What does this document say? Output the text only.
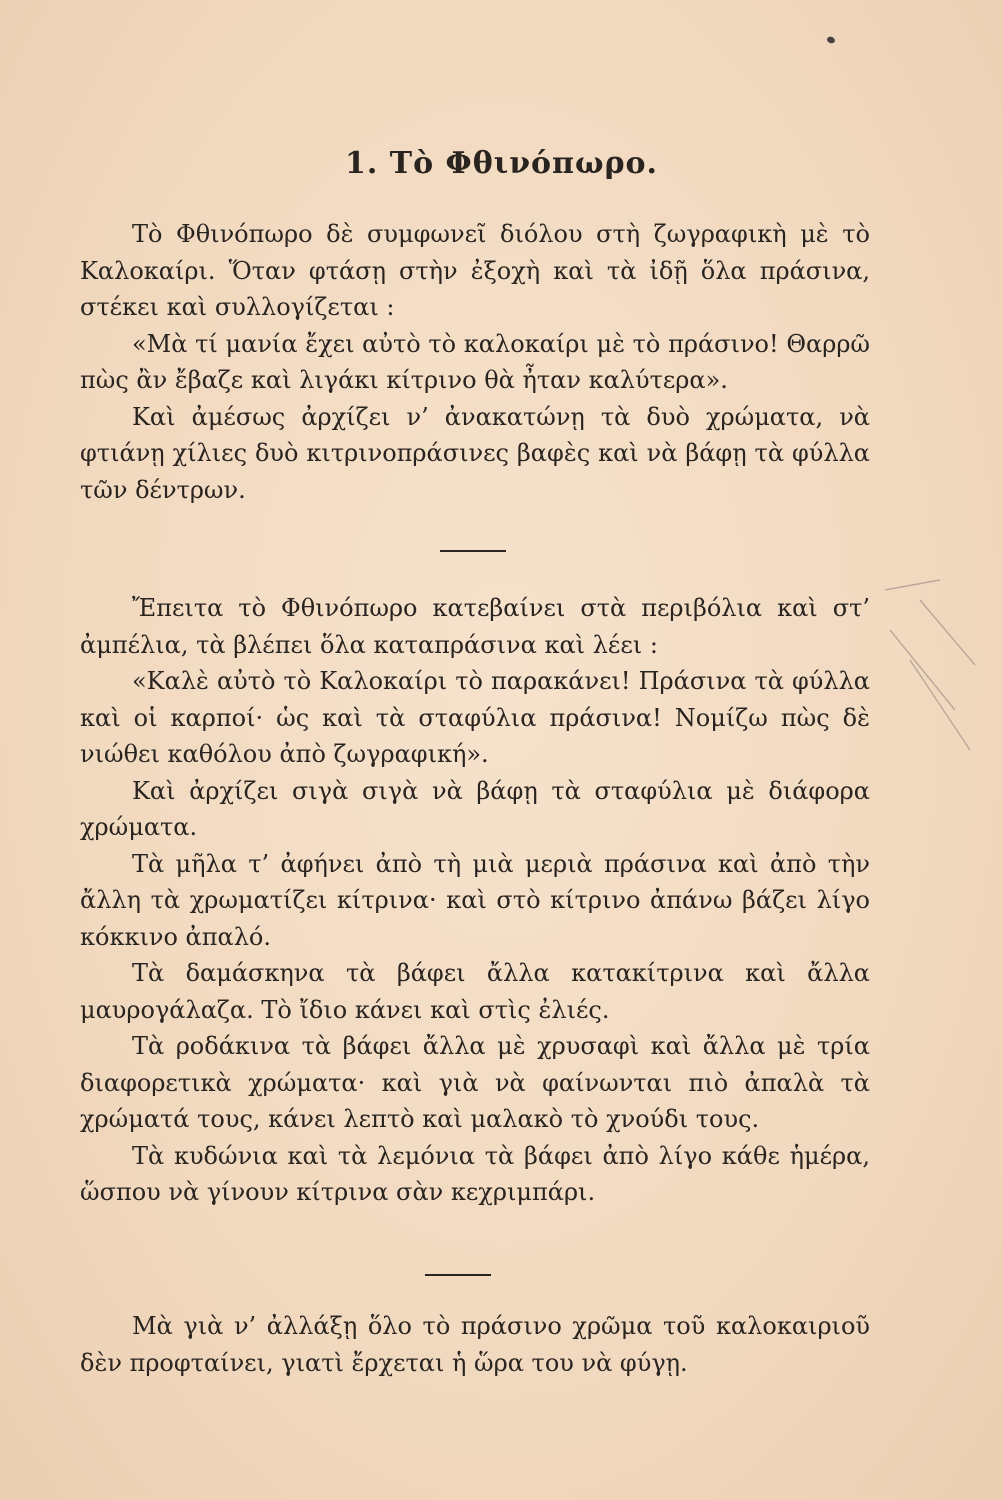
1. Τὸ Φθινόπωρο.

Τὸ Φθινόπωρο δὲ συμφωνεῖ διόλου στὴ ζωγραφικὴ μὲ τὸ Καλοκαίρι. Ὅταν φτάσῃ στὴν ἐξοχὴ καὶ τὰ ἰδῇ ὅλα πράσινα, στέκει καὶ συλλογίζεται :

«Μὰ τί μανία ἔχει αὐτὸ τὸ καλοκαίρι μὲ τὸ πράσινο! Θαρρῶ πὼς ἂν ἔβαζε καὶ λιγάκι κίτρινο θὰ ἦταν καλύτερα».

Καὶ ἀμέσως ἀρχίζει ν’ ἀνακατώνῃ τὰ δυὸ χρώματα, νὰ φτιάνῃ χίλιες δυὸ κιτρινοπράσινες βαφὲς καὶ νὰ βάφῃ τὰ φύλλα τῶν δέντρων.

Ἔπειτα τὸ Φθινόπωρο κατεβαίνει στὰ περιβόλια καὶ στ’ ἀμπέλια, τὰ βλέπει ὅλα καταπράσινα καὶ λέει :

«Καλὲ αὐτὸ τὸ Καλοκαίρι τὸ παρακάνει! Πράσινα τὰ φύλλα καὶ οἱ καρποί· ὡς καὶ τὰ σταφύλια πράσινα! Νομίζω πὼς δὲ νιώθει καθόλου ἀπὸ ζωγραφική».

Καὶ ἀρχίζει σιγὰ σιγὰ νὰ βάφῃ τὰ σταφύλια μὲ διάφορα χρώματα.

Τὰ μῆλα τ’ ἀφήνει ἀπὸ τὴ μιὰ μεριὰ πράσινα καὶ ἀπὸ τὴν ἄλλη τὰ χρωματίζει κίτρινα· καὶ στὸ κίτρινο ἀπάνω βάζει λίγο κόκκινο ἀπαλό.

Τὰ δαμάσκηνα τὰ βάφει ἄλλα κατακίτρινα καὶ ἄλλα μαυρογάλαζα. Τὸ ἴδιο κάνει καὶ στὶς ἐλιές.

Τὰ ροδάκινα τὰ βάφει ἄλλα μὲ χρυσαφὶ καὶ ἄλλα μὲ τρία διαφορετικὰ χρώματα· καὶ γιὰ νὰ φαίνωνται πιὸ ἀπαλὰ τὰ χρώματά τους, κάνει λεπτὸ καὶ μαλακὸ τὸ χνούδι τους.

Τὰ κυδώνια καὶ τὰ λεμόνια τὰ βάφει ἀπὸ λίγο κάθε ἡμέρα, ὥσπου νὰ γίνουν κίτρινα σὰν κεχριμπάρι.

Μὰ γιὰ ν’ ἀλλάξῃ ὅλο τὸ πράσινο χρῶμα τοῦ καλοκαιριοῦ δὲν προφταίνει, γιατὶ ἔρχεται ἡ ὥρα του νὰ φύγῃ.
